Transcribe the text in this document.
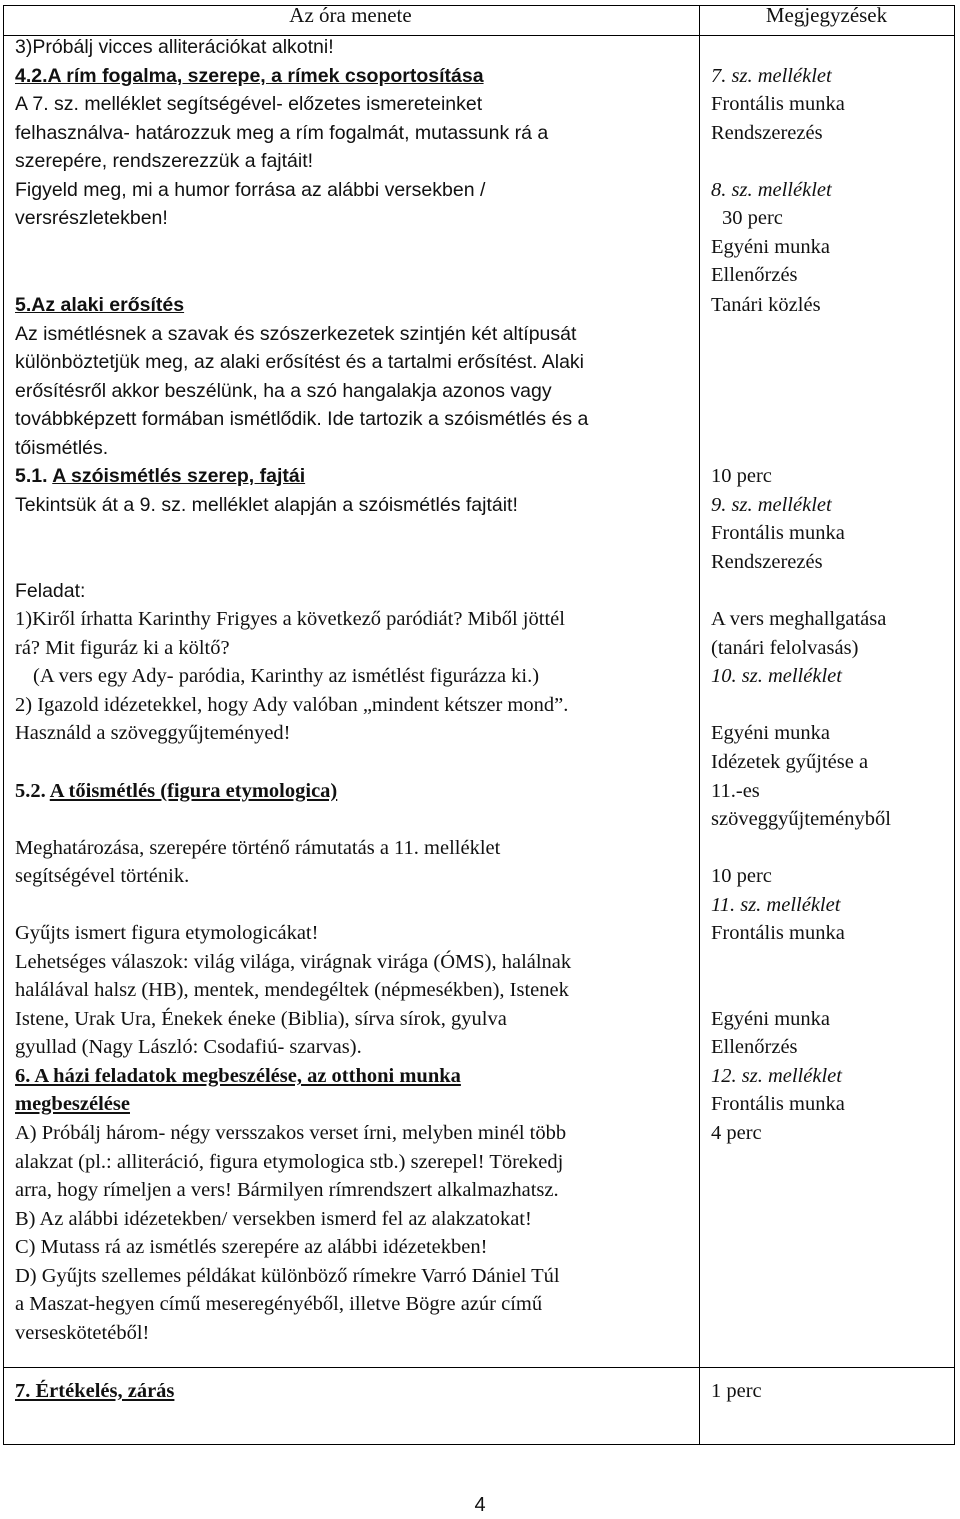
Az óra menete	Megjegyzések
3)Próbálj vicces alliterációkat alkotni!
4.2.A rím fogalma, szerepe, a rímek csoportosítása
A 7. sz. melléklet segítségével- előzetes ismereteinket
felhasználva- határozzuk meg a rím fogalmát, mutassunk rá a
szerepére, rendszerezzük a fajtáit!
Figyeld meg, mi a humor forrása az alábbi versekben /
versrészletekben!
5.Az alaki erősítés
Az ismétlésnek a szavak és szószerkezetek szintjén két altípusát
különböztetjük meg, az alaki erősítést és a tartalmi erősítést. Alaki
erősítésről akkor beszélünk, ha a szó hangalakja azonos vagy
továbbképzett formában ismétlődik. Ide tartozik a szóismétlés és a
tőismétlés.
5.1. A szóismétlés szerep, fajtái
Tekintsük át a 9. sz. melléklet alapján a szóismétlés fajtáit!
Feladat:
1)Kiről írhatta Karinthy Frigyes a következő paródiát? Miből jöttél
rá? Mit figuráz ki a költő?
(A vers egy Ady- paródia, Karinthy az ismétlést figurázza ki.)
2) Igazold idézetekkel, hogy Ady valóban „mindent kétszer mond”.
Használd a szöveggyűjteményed!
5.2. A tőismétlés (figura etymologica)
Meghatározása, szerepére történő rámutatás a 11. melléklet
segítségével történik.
Gyűjts ismert figura etymologicákat!
Lehetséges válaszok: világ világa, virágnak virága (ÓMS), halálnak
halálával halsz (HB), mentek, mendegéltek (népmesékben), Istenek
Istene, Urak Ura, Énekek éneke (Biblia), sírva sírok, gyulva
gyullad (Nagy László: Csodafiú- szarvas).
6. A házi feladatok megbeszélése, az otthoni munka
megbeszélése
A) Próbálj három- négy versszakos verset írni, melyben minél több
alakzat (pl.: alliteráció, figura etymologica stb.) szerepel! Törekedj
arra, hogy rímeljen a vers! Bármilyen rímrendszert alkalmazhatsz.
B) Az alábbi idézetekben/ versekben ismerd fel az alakzatokat!
C) Mutass rá az ismétlés szerepére az alábbi idézetekben!
D) Gyűjts szellemes példákat különböző rímekre Varró Dániel Túl
a Maszat-hegyen című meseregényéből, illetve Bögre azúr című
verseskötetéből!
7. Értékelés, zárás
7. sz. melléklet
Frontális munka
Rendszerezés
8. sz. melléklet
30 perc
Egyéni munka
Ellenőrzés
Tanári közlés
10 perc
9. sz. melléklet
Frontális munka
Rendszerezés
A vers meghallgatása
(tanári felolvasás)
10. sz. melléklet
Egyéni munka
Idézetek gyűjtése a
11.-es
szöveggyűjteményből
10 perc
11. sz. melléklet
Frontális munka
Egyéni munka
Ellenőrzés
12. sz. melléklet
Frontális munka
4 perc
1 perc
4
